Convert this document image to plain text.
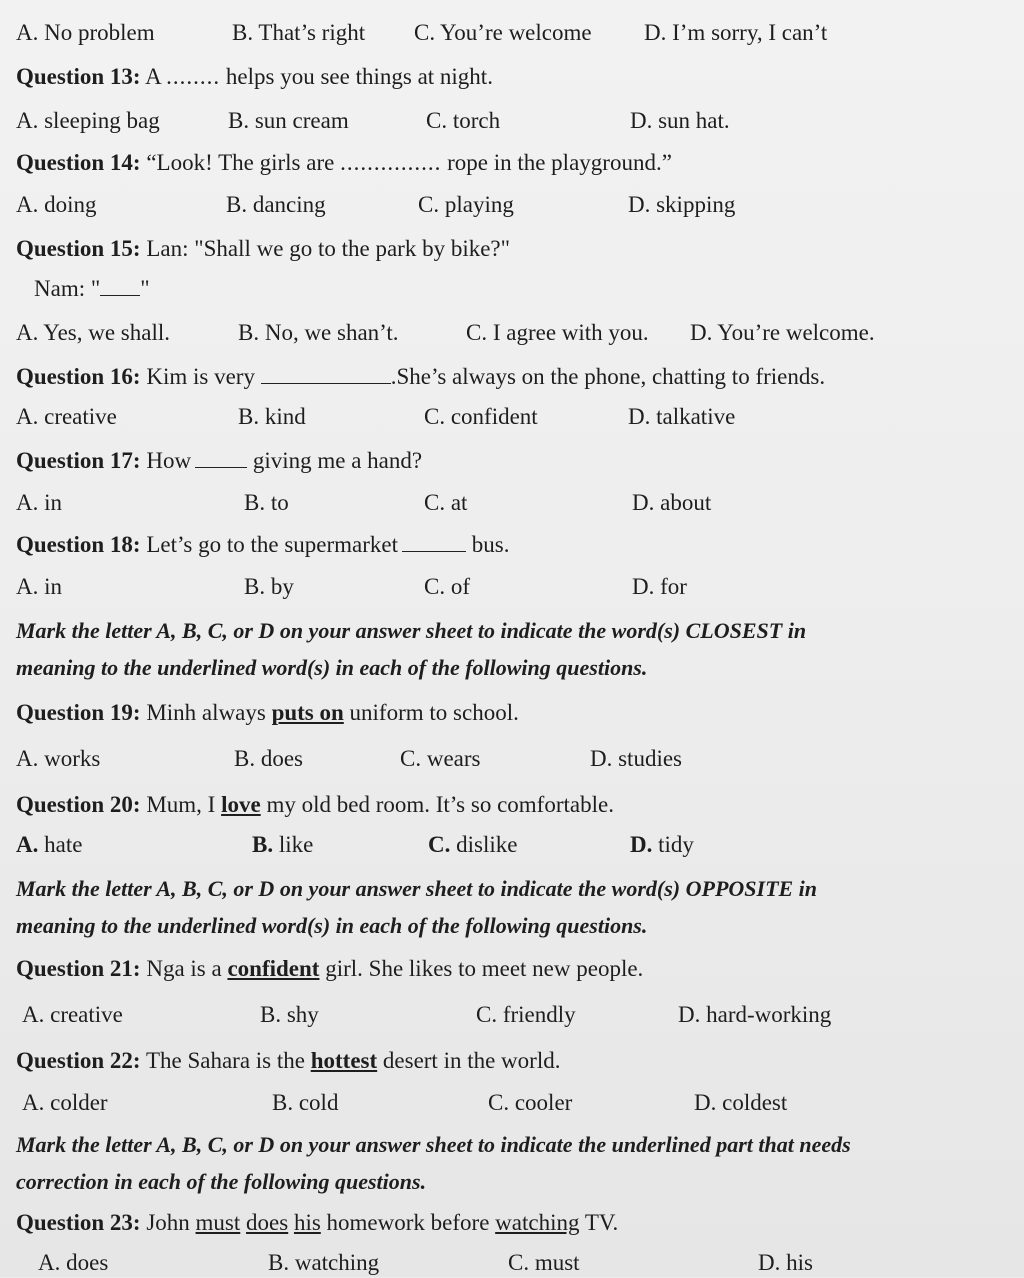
A. No problem	B. That’s right C. You’re welcome D. I’m sorry, I can’t
Question 13: A ........ helps you see things at night.
A. sleeping bag	B. sun cream	C. torch	D. sun hat.
Question 14: “Look! The girls are ............... rope in the playground.”
A. doing	B. dancing	C. playing	D. skipping
Question 15: Lan: "Shall we go to the park by bike?"
Nam: " "
A. Yes, we shall.	B. No, we shan’t.	C. I agree with you. D. You’re welcome.
Question 16: Kim is very	.She’s always on the phone, chatting to friends.
A. creative	B. kind	C. confident	D. talkative
Question 17: How	giving me a hand?
A. in	B. to	C. at	D. about
Question 18: Let’s go to the supermarket	bus.
A. in	B. by	C. of	D. for
Mark the letter A, B, C, or D on your answer sheet to indicate the word(s) CLOSEST in
meaning to the underlined word(s) in each of the following questions.
Question 19: Minh always puts on uniform to school.
A. works	B. does	C. wears	D. studies
Question 20: Mum, I love my old bed room. It’s so comfortable.
A. hate	B. like	C. dislike	D. tidy
Mark the letter A, B, C, or D on your answer sheet to indicate the word(s) OPPOSITE in
meaning to the underlined word(s) in each of the following questions.
Question 21: Nga is a confident girl. She likes to meet new people.
A. creative	B. shy	C. friendly	D. hard-working
Question 22: The Sahara is the hottest desert in the world.
A. colder	B. cold	C. cooler	D. coldest
Mark the letter A, B, C, or D on your answer sheet to indicate the underlined part that needs
correction in each of the following questions.
Question 23: John must does his homework before watching TV.
A. does	B. watching	C. must	D. his
